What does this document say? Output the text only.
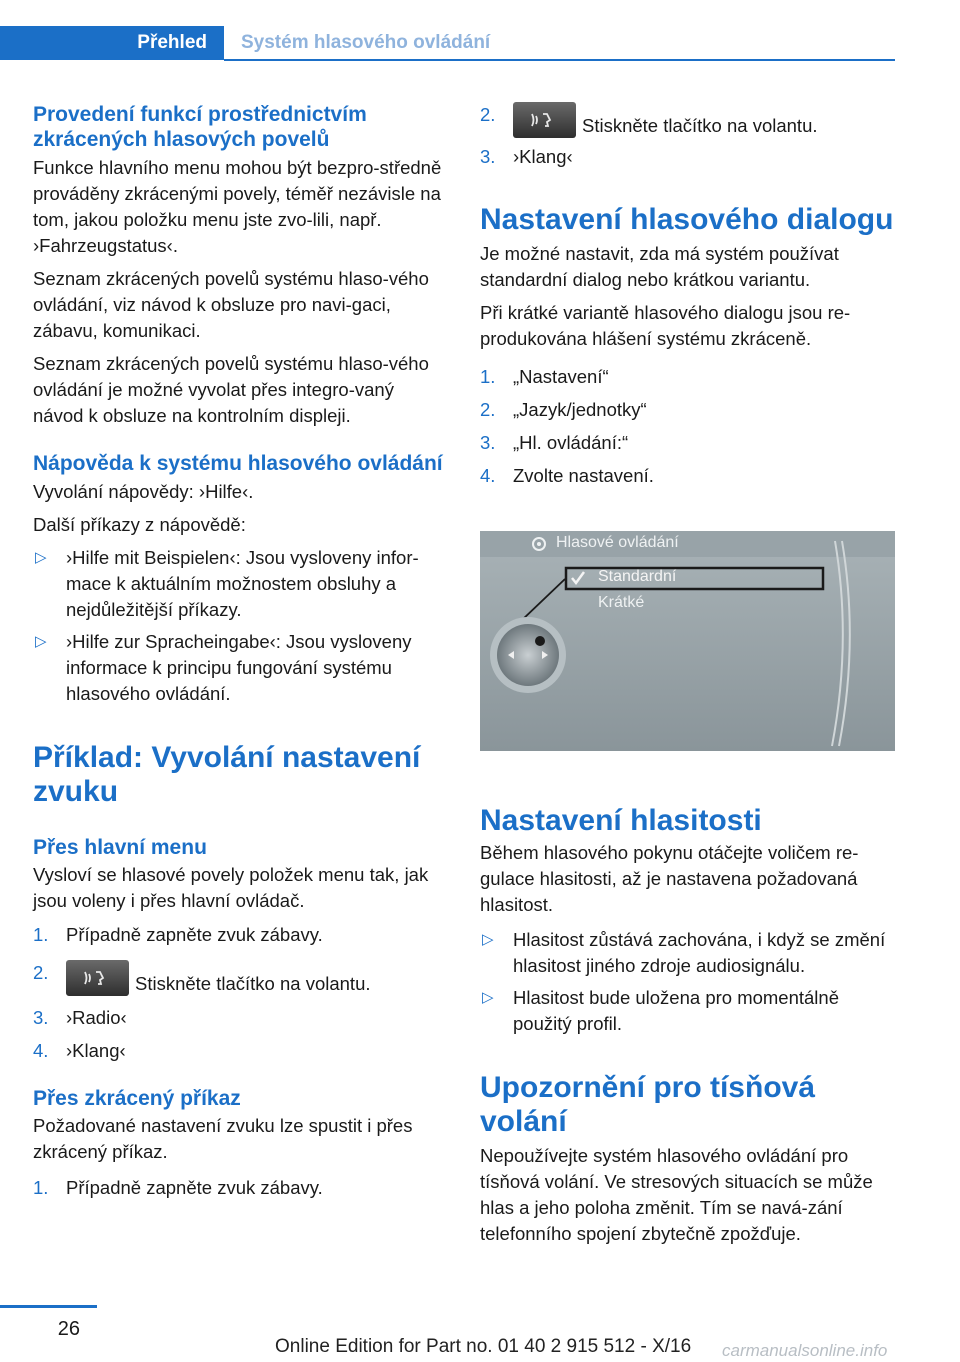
Přehled	Systém hlasového ovládání
Provedení funkcí prostřednictvím zkrácených hlasových povelů
Funkce hlavního menu mohou být bezpro‐středně prováděny zkrácenými povely, téměř nezávisle na tom, jakou položku menu jste zvo‐lili, např. ›Fahrzeugstatus‹.
Seznam zkrácených povelů systému hlaso‐vého ovládání, viz návod k obsluze pro navi‐gaci, zábavu, komunikaci.
Seznam zkrácených povelů systému hlaso‐vého ovládání je možné vyvolat přes integro‐vaný návod k obsluze na kontrolním displeji.
Nápověda k systému hlasového ovládání
Vyvolání nápovědy: ›Hilfe‹.
Další příkazy z nápovědě:
▷ ›Hilfe mit Beispielen‹: Jsou vysloveny infor‐mace k aktuálním možnostem obsluhy a nejdůležitější příkazy.
▷ ›Hilfe zur Spracheingabe‹: Jsou vysloveny informace k principu fungování systému hlasového ovládání.
Příklad: Vyvolání nastavení zvuku
Přes hlavní menu
Vysloví se hlasové povely položek menu tak, jak jsou voleny i přes hlavní ovládač.
1. Případně zapněte zvuk zábavy.
2.
Stiskněte tlačítko na volantu.
3. ›Radio‹
4. ›Klang‹
Přes zkrácený příkaz
Požadované nastavení zvuku lze spustit i přes zkrácený příkaz.
1. Případně zapněte zvuk zábavy.
2.
Stiskněte tlačítko na volantu.
3. ›Klang‹
Nastavení hlasového dialogu
Je možné nastavit, zda má systém používat standardní dialog nebo krátkou variantu.
Při krátké variantě hlasového dialogu jsou re‐produkována hlášení systému zkráceně.
1. „Nastavení“
2. „Jazyk/jednotky“
3. „Hl. ovládání:“
4. Zvolte nastavení.
Hlasové ovládání
Standardní
Krátké
Nastavení hlasitosti
Během hlasového pokynu otáčejte voličem re‐gulace hlasitosti, až je nastavena požadovaná hlasitost.
▷ Hlasitost zůstává zachována, i když se změní hlasitost jiného zdroje audiosignálu.
▷ Hlasitost bude uložena pro momentálně použitý profil.
Upozornění pro tísňová volání
Nepoužívejte systém hlasového ovládání pro tísňová volání. Ve stresových situacích se může hlas a jeho poloha změnit. Tím se navá‐zání telefonního spojení zbytečně zpožďuje.
26
Online Edition for Part no. 01 40 2 915 512 - X/16 carmanualsonline.info
